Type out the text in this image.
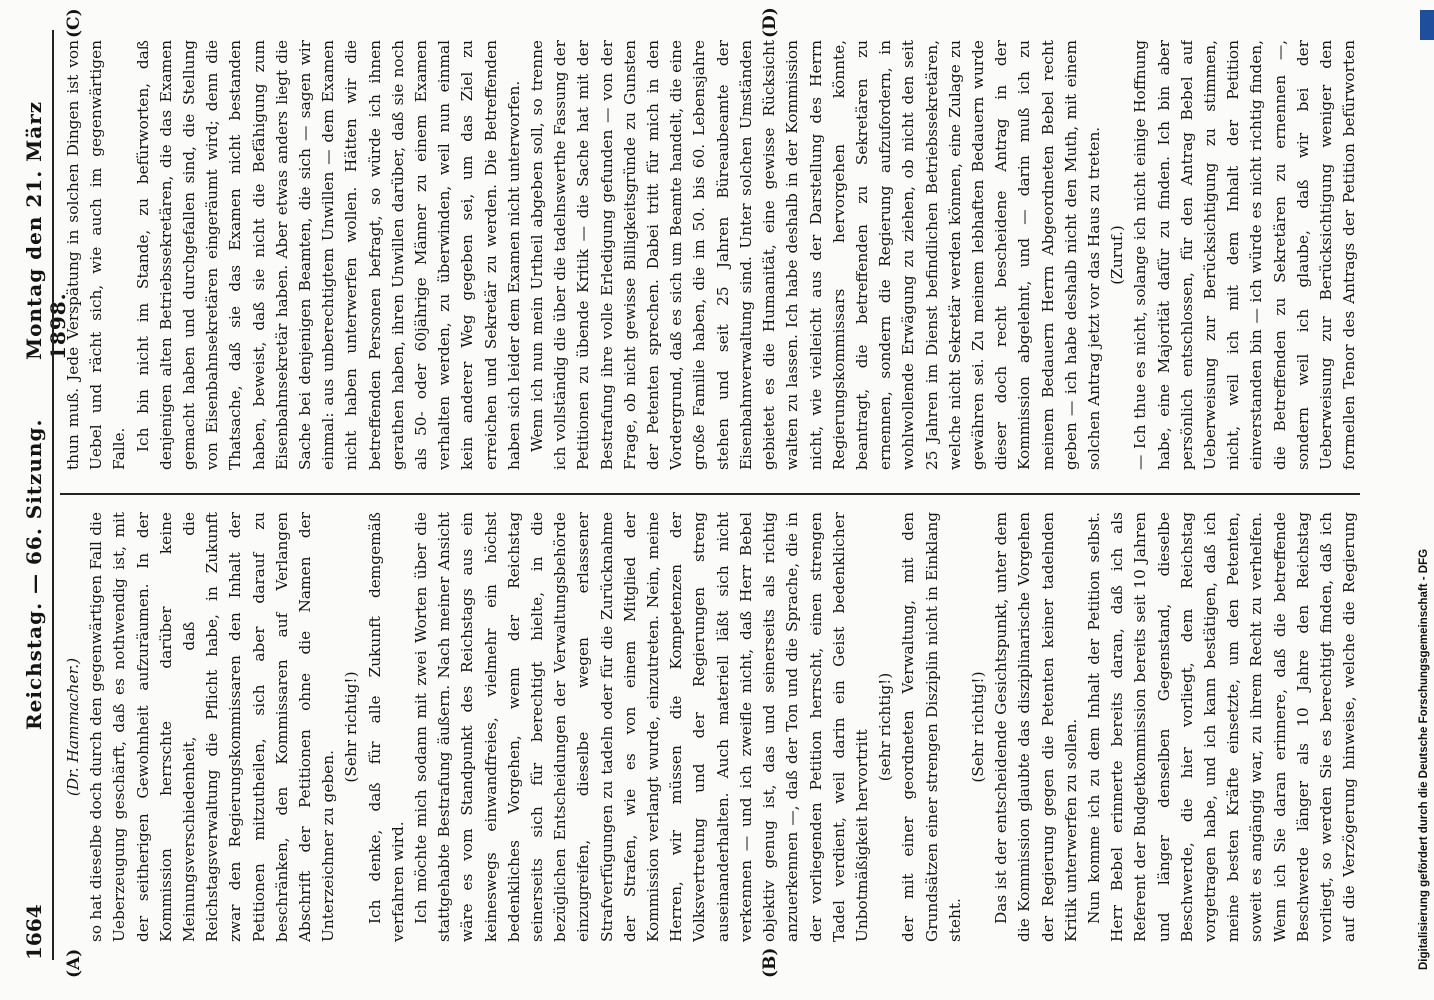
1664
Reichstag. — 66. Sitzung.
Montag den 21. März 1898.
(A)	(B)
(C)	(D)

(Dr. Hammacher.) so hat dieselbe doch durch den gegenwärtigen Fall die Ueberzeugung geschärft, daß es nothwendig ist, mit der seitherigen Gewohnheit aufzuräumen. In der Kommission herrschte darüber keine Meinungsverschiedenheit, daß die Reichstagsverwaltung die Pflicht habe, in Zukunft zwar den Regierungskommissaren den Inhalt der Petitionen mitzutheilen, sich aber darauf zu beschränken, den Kommissaren auf Verlangen Abschrift der Petitionen ohne die Namen der Unterzeichner zu geben.

(Sehr richtig!) Ich denke, daß für alle Zukunft demgemäß verfahren wird. Ich möchte mich sodann mit zwei Worten über die stattgehabte Bestrafung äußern. Nach meiner Ansicht wäre es vom Standpunkt des Reichstags aus ein keineswegs einwandfreies, vielmehr ein höchst bedenkliches Vorgehen, wenn der Reichstag seinerseits sich für berechtigt hielte, in die bezüglichen Entscheidungen der Verwaltungsbehörde einzugreifen, dieselbe wegen erlassener Strafverfügungen zu tadeln oder für die Zurücknahme der Strafen, wie es von einem Mitglied der Kommission verlangt wurde, einzutreten. Nein, meine Herren, wir müssen die Kompetenzen der Volksvertretung und der Regierungen streng auseinanderhalten. Auch materiell läßt sich nicht verkennen — und ich zweifle nicht, daß Herr Bebel objektiv genug ist, das und seinerseits als richtig anzuerkennen —, daß der Ton und die Sprache, die in der vorliegenden Petition herrscht, einen strengen Tadel verdient, weil darin ein Geist bedenklicher Unbotmäßigkeit hervortritt

(sehr richtig!) der mit einer geordneten Verwaltung, mit den Grundsätzen einer strengen Disziplin nicht in Einklang steht.

(Sehr richtig!) Das ist der entscheidende Gesichtspunkt, unter dem die Kommission glaubte das disziplinarische Vorgehen der Regierung gegen die Petenten keiner tadelnden Kritik unterwerfen zu sollen. Nun komme ich zu dem Inhalt der Petition selbst. Herr Bebel erinnerte bereits daran, daß ich als Referent der Budgetkommission bereits seit 10 Jahren und länger denselben Gegenstand, dieselbe Beschwerde, die hier vorliegt, dem Reichstag vorgetragen habe, und ich kann bestätigen, daß ich meine besten Kräfte einsetzte, um den Petenten, soweit es angängig war, zu ihrem Recht zu verhelfen. Wenn ich Sie daran erinnere, daß die betreffende Beschwerde länger als 10 Jahre den Reichstag vorliegt, so werden Sie es berechtigt finden, daß ich auf die Verzögerung hinweise, welche die Regierung

thun muß. Jede Verspätung in solchen Dingen ist von Uebel und rächt sich, wie auch im gegenwärtigen Falle. Ich bin nicht im Stande, zu befürworten, daß denjenigen alten Betriebssekretären, die das Examen gemacht haben und durchgefallen sind, die Stellung von Eisenbahnsekretären eingeräumt wird; denn die Thatsache, daß sie das Examen nicht bestanden haben, beweist, daß sie nicht die Befähigung zum Eisenbahnsekretär haben. Aber etwas anders liegt die Sache bei denjenigen Beamten, die sich — sagen wir einmal: aus unberechtigtem Unwillen — dem Examen nicht haben unterwerfen wollen. Hätten wir die betreffenden Personen befragt, so würde ich ihnen gerathen haben, ihren Unwillen darüber, daß sie noch als 50- oder 60jährige Männer zu einem Examen verhalten werden, zu überwinden, weil nun einmal kein anderer Weg gegeben sei, um das Ziel zu erreichen und Sekretär zu werden. Die Betreffenden haben sich leider dem Examen nicht unterworfen. Wenn ich nun mein Urtheil abgeben soll, so trenne ich vollständig die über die tadelnswerthe Fassung der Petitionen zu übende Kritik — die Sache hat mit der Bestrafung ihre volle Erledigung gefunden — von der Frage, ob nicht gewisse Billigkeitsgründe zu Gunsten der Petenten sprechen. Dabei tritt für mich in den Vordergrund, daß es sich um Beamte handelt, die eine große Familie haben, die im 50. bis 60. Lebensjahre stehen und seit 25 Jahren Büreaubeamte der Eisenbahnverwaltung sind. Unter solchen Umständen gebietet es die Humanität, eine gewisse Rücksicht walten zu lassen. Ich habe deshalb in der Kommission nicht, wie vielleicht aus der Darstellung des Herrn Regierungskommissars hervorgehen könnte, beantragt, die betreffenden zu Sekretären zu ernennen, sondern die Regierung aufzufordern, in wohlwollende Erwägung zu ziehen, ob nicht den seit 25 Jahren im Dienst befindlichen Betriebssekretären, welche nicht Sekretär werden können, eine Zulage zu gewähren sei. Zu meinem lebhaften Bedauern wurde dieser doch recht bescheidene Antrag in der Kommission abgelehnt, und — darin muß ich zu meinem Bedauern Herrn Abgeordneten Bebel recht geben — ich habe deshalb nicht den Muth, mit einem solchen Antrag jetzt vor das Haus zu treten. (Zuruf.)

— Ich thue es nicht, solange ich nicht einige Hoffnung habe, eine Majorität dafür zu finden. Ich bin aber persönlich entschlossen, für den Antrag Bebel auf Ueberweisung zur Berücksichtigung zu stimmen, nicht, weil ich mit dem Inhalt der Petition einverstanden bin — ich würde es nicht richtig finden, die Betreffenden zu Sekretären zu ernennen —, sondern weil ich glaube, daß wir bei der Ueberweisung zur Berücksichtigung weniger den formellen Tenor des Antrags der Petition befürworten

Digitalisierung gefördert durch die Deutsche Forschungsgemeinschaft - DFG
